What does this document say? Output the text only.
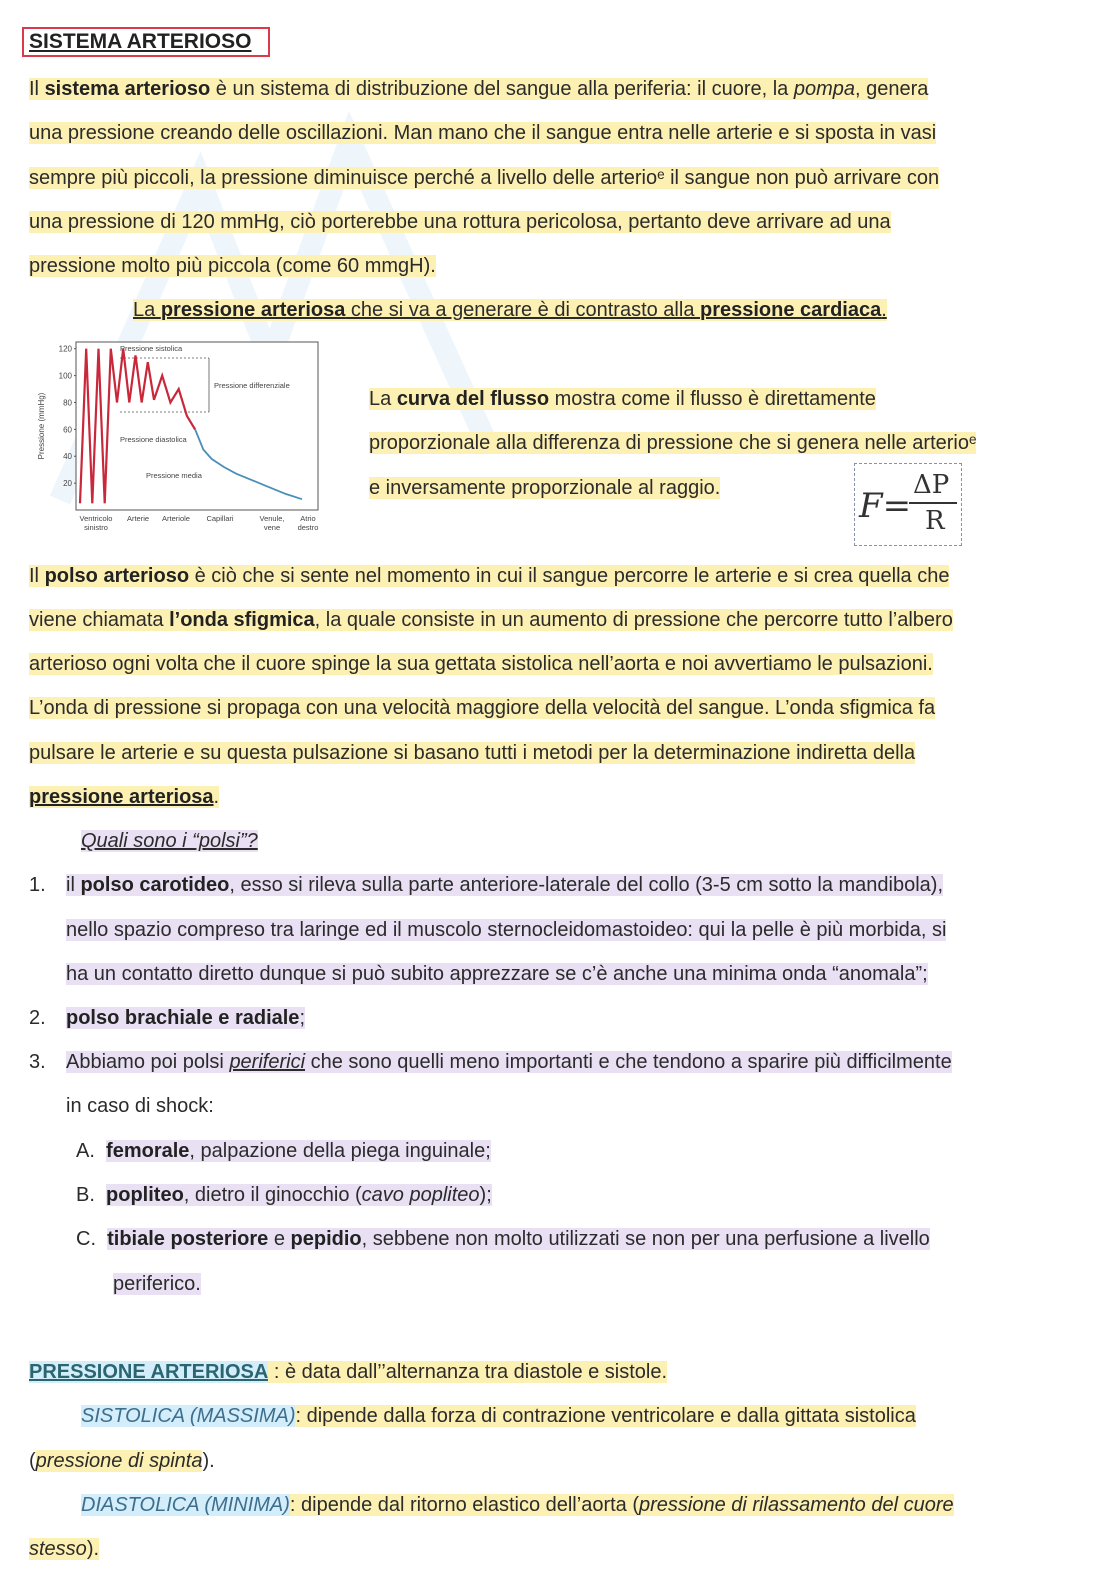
SISTEMA ARTERIOSO
Il sistema arterioso è un sistema di distribuzione del sangue alla periferia: il cuore, la pompa, genera
una pressione creando delle oscillazioni. Man mano che il sangue entra nelle arterie e si sposta in vasi
sempre più piccoli, la pressione diminuisce perché a livello delle arterioᵉ il sangue non può arrivare con
una pressione di 120 mmHg, ciò porterebbe una rottura pericolosa, pertanto deve arrivare ad una
pressione molto più piccola (come 60 mmgH).
La pressione arteriosa che si va a generare è di contrasto alla pressione cardiaca.
Pressione (mmHg)
20
40
60
80
100
120
Ventricolo sinistro
Arterie Arteriole Capillari	Venule, vene
Atrio destro
Pressione sistolica
Pressione differenziale
Pressione diastolica
Pressione media
La curva del flusso mostra come il flusso è direttamente
proporzionale alla differenza di pressione che si genera nelle arterioᵉ
e inversamente proporzionale al raggio.	F=
ΔP
R
Il polso arterioso è ciò che si sente nel momento in cui il sangue percorre le arterie e si crea quella che
viene chiamata l’onda sfigmica, la quale consiste in un aumento di pressione che percorre tutto l’albero
arterioso ogni volta che il cuore spinge la sua gettata sistolica nell’aorta e noi avvertiamo le pulsazioni.
L’onda di pressione si propaga con una velocità maggiore della velocità del sangue. L’onda sfigmica fa
pulsare le arterie e su questa pulsazione si basano tutti i metodi per la determinazione indiretta della
pressione arteriosa.
Quali sono i “polsi”?
1. il polso carotideo, esso si rileva sulla parte anteriore-laterale del collo (3-5 cm sotto la mandibola),
nello spazio compreso tra laringe ed il muscolo sternocleidomastoideo: qui la pelle è più morbida, si
ha un contatto diretto dunque si può subito apprezzare se c’è anche una minima onda “anomala”;
2. polso brachiale e radiale;
3. Abbiamo poi polsi periferici che sono quelli meno importanti e che tendono a sparire più difficilmente
in caso di shock:
A. femorale, palpazione della piega inguinale;
B. popliteo, dietro il ginocchio (cavo popliteo);
C. tibiale posteriore e pepidio, sebbene non molto utilizzati se non per una perfusione a livello
periferico.
PRESSIONE ARTERIOSA : è data dall’’alternanza tra diastole e sistole.
SISTOLICA (MASSIMA): dipende dalla forza di contrazione ventricolare e dalla gittata sistolica
(pressione di spinta).
DIASTOLICA (MINIMA): dipende dal ritorno elastico dell’aorta (pressione di rilassamento del cuore
stesso).
